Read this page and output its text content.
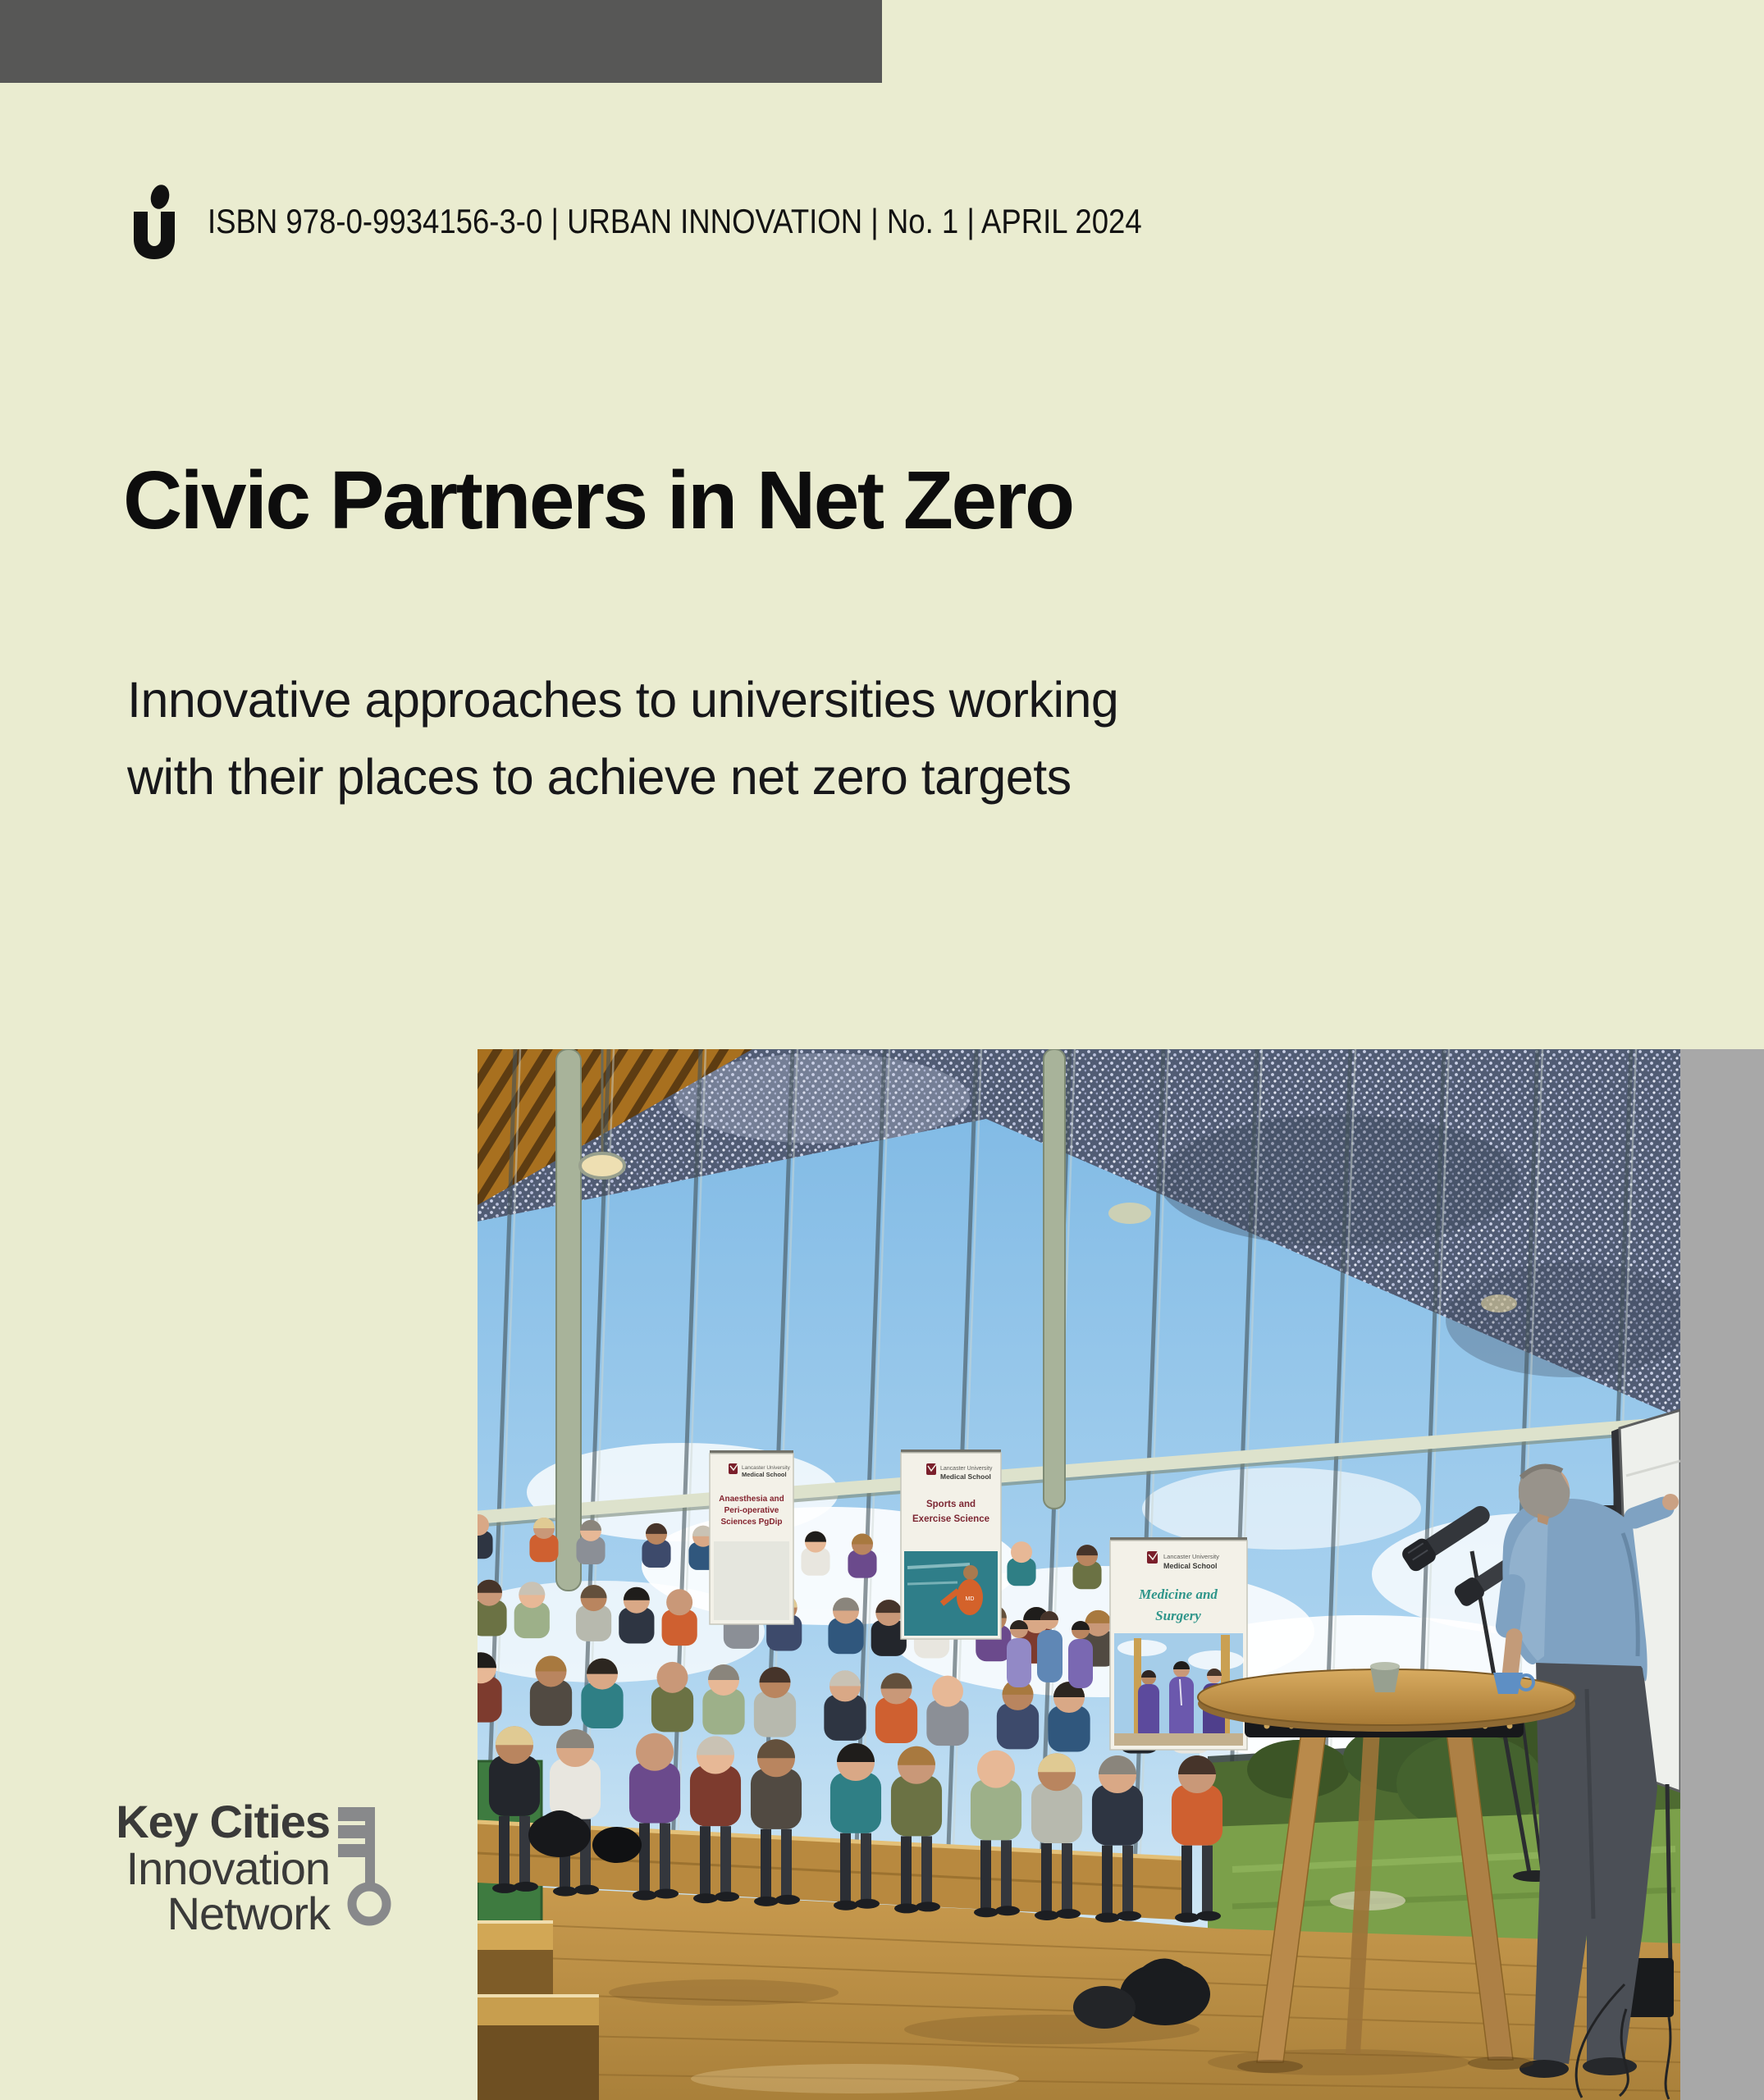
ISBN 978-0-9934156-3-0 | URBAN INNOVATION | No. 1 | APRIL 2024
Civic Partners in Net Zero
Innovative approaches to universities working
with their places to achieve net zero targets
Lancaster University
Medical School
Anaesthesia and
Peri-operative
Sciences PgDip
Lancaster University
Medical School
Sports and
Exercise Science
MD
Lancaster University
Medical School
Medicine and
Surgery
Key Cities
Innovation
Network
